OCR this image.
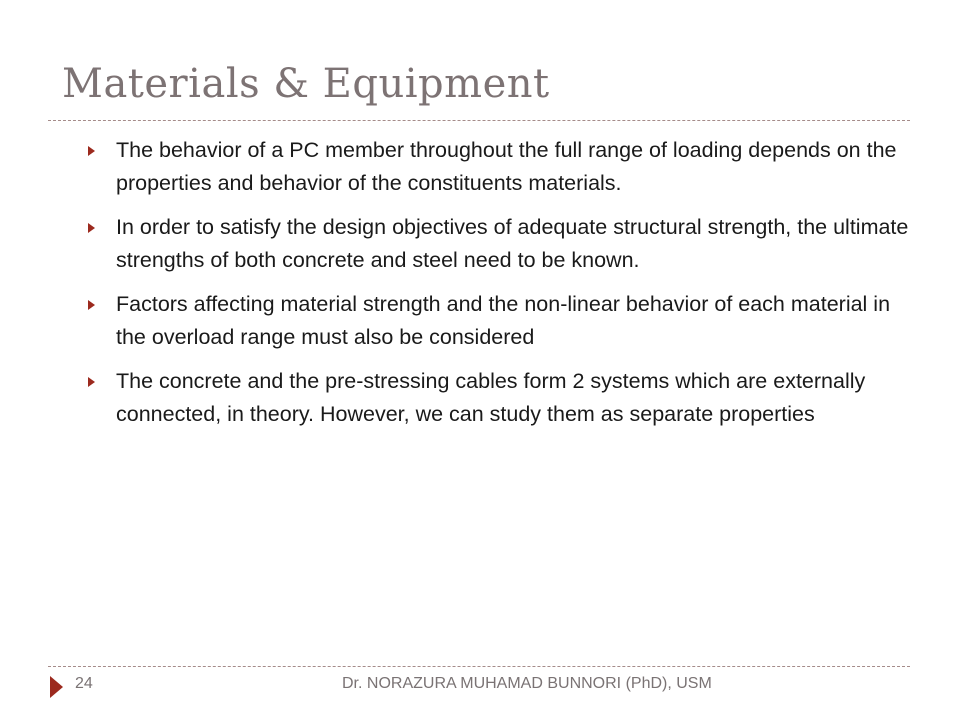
Materials & Equipment
The behavior of a PC member throughout the full range of loading depends on the properties and behavior of the constituents materials.
In order to satisfy the design objectives of adequate structural strength, the ultimate strengths of both concrete and steel need to be known.
Factors affecting material strength and the non-linear behavior of each material in the overload range must also be considered
The concrete and the pre-stressing cables form 2 systems which are externally connected, in theory. However, we can study them as separate properties
24	Dr. NORAZURA MUHAMAD BUNNORI (PhD), USM
